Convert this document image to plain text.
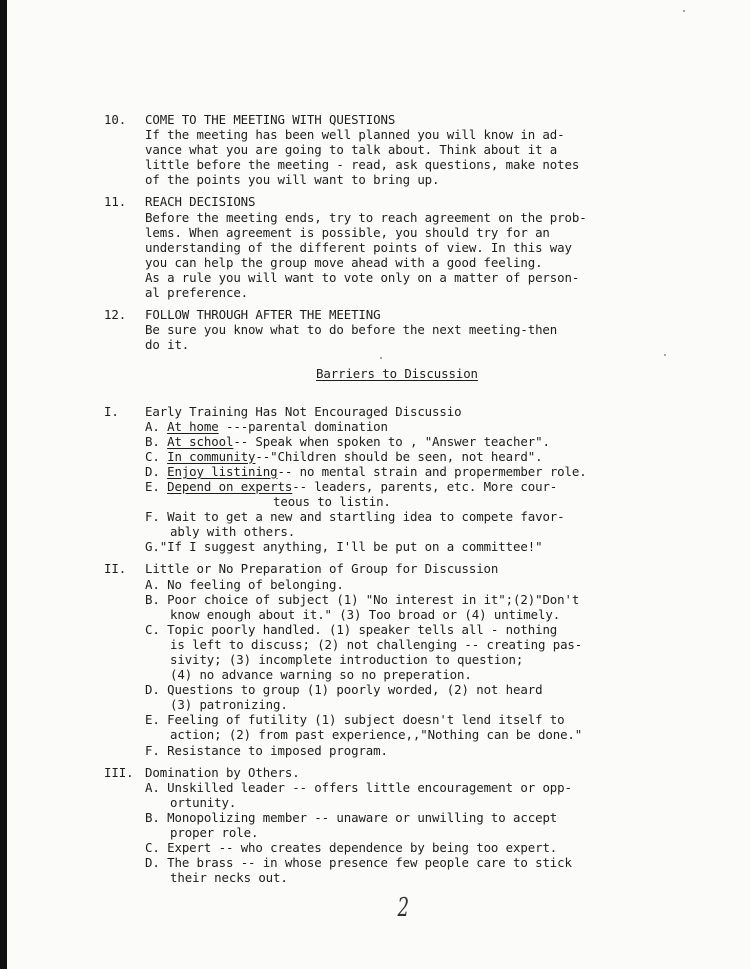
10. COME TO THE MEETING WITH QUESTIONS
If the meeting has been well planned you will know in ad-
vance what you are going to talk about. Think about it a
little before the meeting - read, ask questions, make notes
of the points you will want to bring up.
11. REACH DECISIONS
Before the meeting ends, try to reach agreement on the prob-
lems. When agreement is possible, you should try for an
understanding of the different points of view. In this way
you can help the group move ahead with a good feeling.
As a rule you will want to vote only on a matter of person-
al preference.
12. FOLLOW THROUGH AFTER THE MEETING
Be sure you know what to do before the next meeting-then
do it.
Barriers to Discussion
I. Early Training Has Not Encouraged Discussio
A. At home ---parental domination
B. At school-- Speak when spoken to , "Answer teacher".
C. In community--"Children should be seen, not heard".
D. Enjoy listining-- no mental strain and propermember role.
E. Depend on experts-- leaders, parents, etc. More cour-
teous to listin.
F. Wait to get a new and startling idea to compete favor-
ably with others.
G."If I suggest anything, I'll be put on a committee!"
II. Little or No Preparation of Group for Discussion
A. No feeling of belonging.
B. Poor choice of subject (1) "No interest in it";(2)"Don't
know enough about it." (3) Too broad or (4) untimely.
C. Topic poorly handled. (1) speaker tells all - nothing
is left to discuss; (2) not challenging -- creating pas-
sivity; (3) incomplete introduction to question;
(4) no advance warning so no preperation.
D. Questions to group (1) poorly worded, (2) not heard
(3) patronizing.
E. Feeling of futility (1) subject doesn't lend itself to
action; (2) from past experience,,"Nothing can be done."
F. Resistance to imposed program.
III. Domination by Others.
A. Unskilled leader -- offers little encouragement or opp-
ortunity.
B. Monopolizing member -- unaware or unwilling to accept
proper role.
C. Expert -- who creates dependence by being too expert.
D. The brass -- in whose presence few people care to stick
their necks out.
2
